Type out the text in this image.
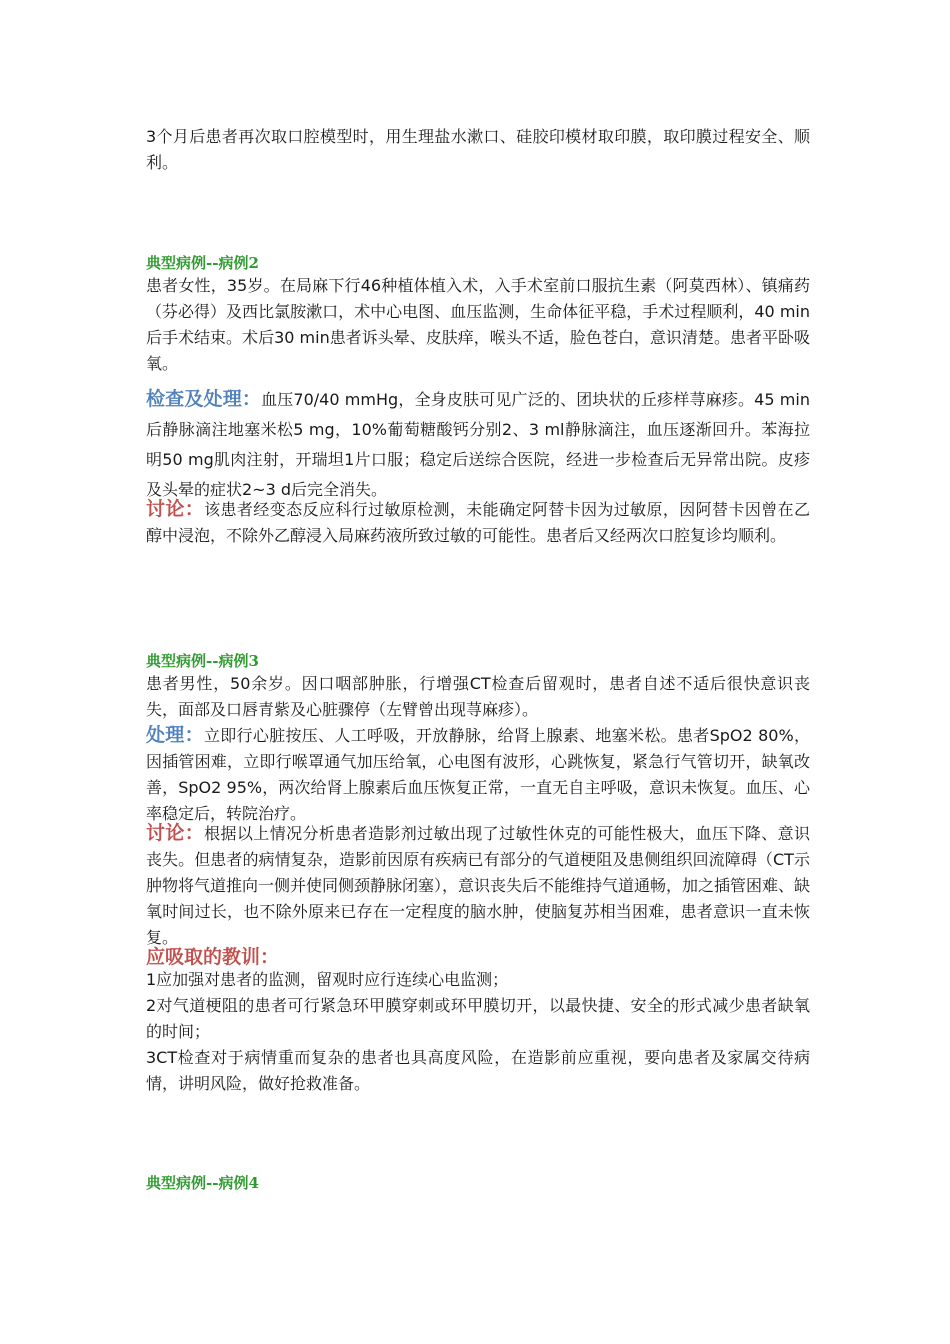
3个月后患者再次取口腔模型时，用生理盐水漱口、硅胶印模材取印膜，取印膜过程安全、顺利。

典型病例--病例2

患者女性，35岁。在局麻下行46种植体植入术，入手术室前口服抗生素（阿莫西林）、镇痛药（芬必得）及西比氯胺漱口，术中心电图、血压监测，生命体征平稳，手术过程顺利，40 min后手术结束。术后30 min患者诉头晕、皮肤痒，喉头不适，脸色苍白，意识清楚。患者平卧吸氧。

检查及处理：血压70/40 mmHg，全身皮肤可见广泛的、团块状的丘疹样荨麻疹。45 min后静脉滴注地塞米松5 mg，10%葡萄糖酸钙分别2、3 ml静脉滴注，血压逐渐回升。苯海拉明50 mg肌肉注射，开瑞坦1片口服；稳定后送综合医院，经进一步检查后无异常出院。皮疹及头晕的症状2~3 d后完全消失。

讨论：该患者经变态反应科行过敏原检测，未能确定阿替卡因为过敏原，因阿替卡因曾在乙醇中浸泡，不除外乙醇浸入局麻药液所致过敏的可能性。患者后又经两次口腔复诊均顺利。

典型病例--病例3

患者男性，50余岁。因口咽部肿胀，行增强CT检查后留观时，患者自述不适后很快意识丧失，面部及口唇青紫及心脏骤停（左臂曾出现荨麻疹）。

处理：立即行心脏按压、人工呼吸，开放静脉，给肾上腺素、地塞米松。患者SpO2 80%，因插管困难，立即行喉罩通气加压给氧，心电图有波形，心跳恢复，紧急行气管切开，缺氧改善，SpO2 95%，两次给肾上腺素后血压恢复正常，一直无自主呼吸，意识未恢复。血压、心率稳定后，转院治疗。

讨论：根据以上情况分析患者造影剂过敏出现了过敏性休克的可能性极大，血压下降、意识丧失。但患者的病情复杂，造影前因原有疾病已有部分的气道梗阻及患侧组织回流障碍（CT示肿物将气道推向一侧并使同侧颈静脉闭塞），意识丧失后不能维持气道通畅，加之插管困难、缺氧时间过长，也不除外原来已存在一定程度的脑水肿，使脑复苏相当困难，患者意识一直未恢复。

应吸取的教训：

1应加强对患者的监测，留观时应行连续心电监测；

2对气道梗阻的患者可行紧急环甲膜穿刺或环甲膜切开，以最快捷、安全的形式减少患者缺氧的时间；

3CT检查对于病情重而复杂的患者也具高度风险，在造影前应重视，要向患者及家属交待病情，讲明风险，做好抢救准备。

典型病例--病例4
